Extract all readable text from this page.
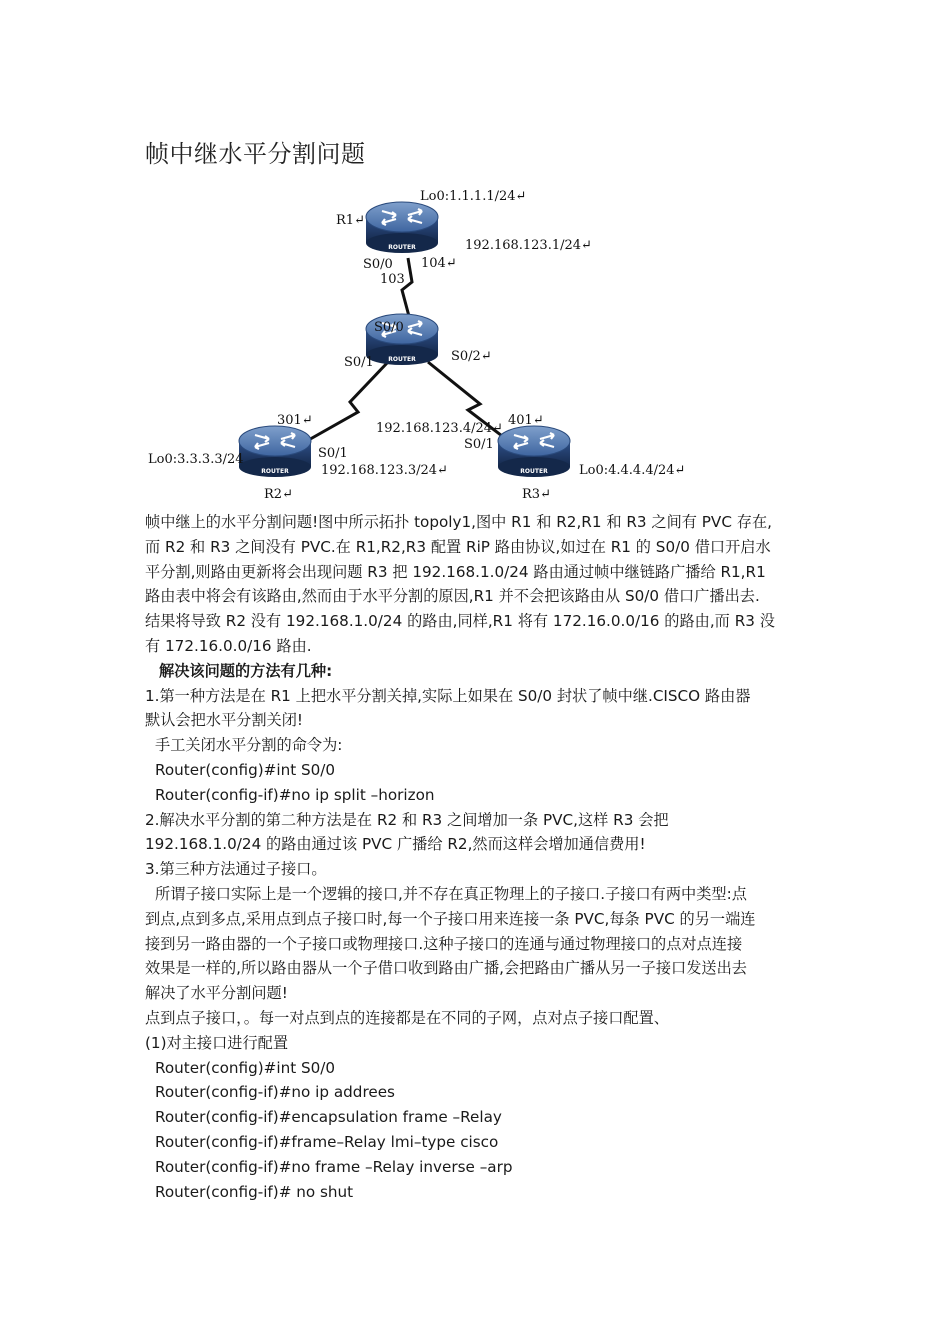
帧中继水平分割问题
ROUTER
ROUTER
ROUTER	ROUTER
Lo0:1.1.1.1/24↵
R1↵
192.168.123.1/24↵
S0/0 104↵
103
S0/0
S0/1	S0/2↵
301↵	401↵
192.168.123.4/24↵
S0/1
S0/1
Lo0:3.3.3.3/24
192.168.123.3/24↵	Lo0:4.4.4.4/24↵
R2↵	R3↵
帧中继上的水平分割问题!图中所示拓扑 topoly1,图中 R1 和 R2,R1 和 R3 之间有 PVC 存在,
而 R2 和 R3 之间没有 PVC.在 R1,R2,R3 配置 RiP 路由协议,如过在 R1 的 S0/0 借口开启水
平分割,则路由更新将会出现问题 R3 把 192.168.1.0/24 路由通过帧中继链路广播给 R1,R1
路由表中将会有该路由,然而由于水平分割的原因,R1 并不会把该路由从 S0/0 借口广播出去.
结果将导致 R2 没有 192.168.1.0/24 的路由,同样,R1 将有 172.16.0.0/16 的路由,而 R3 没
有 172.16.0.0/16 路由.
解决该问题的方法有几种:
1.第一种方法是在 R1 上把水平分割关掉,实际上如果在 S0/0 封状了帧中继.CISCO 路由器
默认会把水平分割关闭!
手工关闭水平分割的命令为:
Router(config)#int S0/0
Router(config-if)#no ip split –horizon
2.解决水平分割的第二种方法是在 R2 和 R3 之间增加一条 PVC,这样 R3 会把
192.168.1.0/24 的路由通过该 PVC 广播给 R2,然而这样会增加通信费用!
3.第三种方法通过子接口。
所谓子接口实际上是一个逻辑的接口,并不存在真正物理上的子接口.子接口有两中类型:点
到点,点到多点,采用点到点子接口时,每一个子接口用来连接一条 PVC,每条 PVC 的另一端连
接到另一路由器的一个子接口或物理接口.这种子接口的连通与通过物理接口的点对点连接
效果是一样的,所以路由器从一个子借口收到路由广播,会把路由广播从另一子接口发送出去
解决了水平分割问题!
点到点子接口，。每一对点到点的连接都是在不同的子网，点对点子接口配置、
(1)对主接口进行配置
Router(config)#int S0/0
Router(config-if)#no ip addrees
Router(config-if)#encapsulation frame –Relay
Router(config-if)#frame–Relay lmi–type cisco
Router(config-if)#no frame –Relay inverse –arp
Router(config-if)# no shut
